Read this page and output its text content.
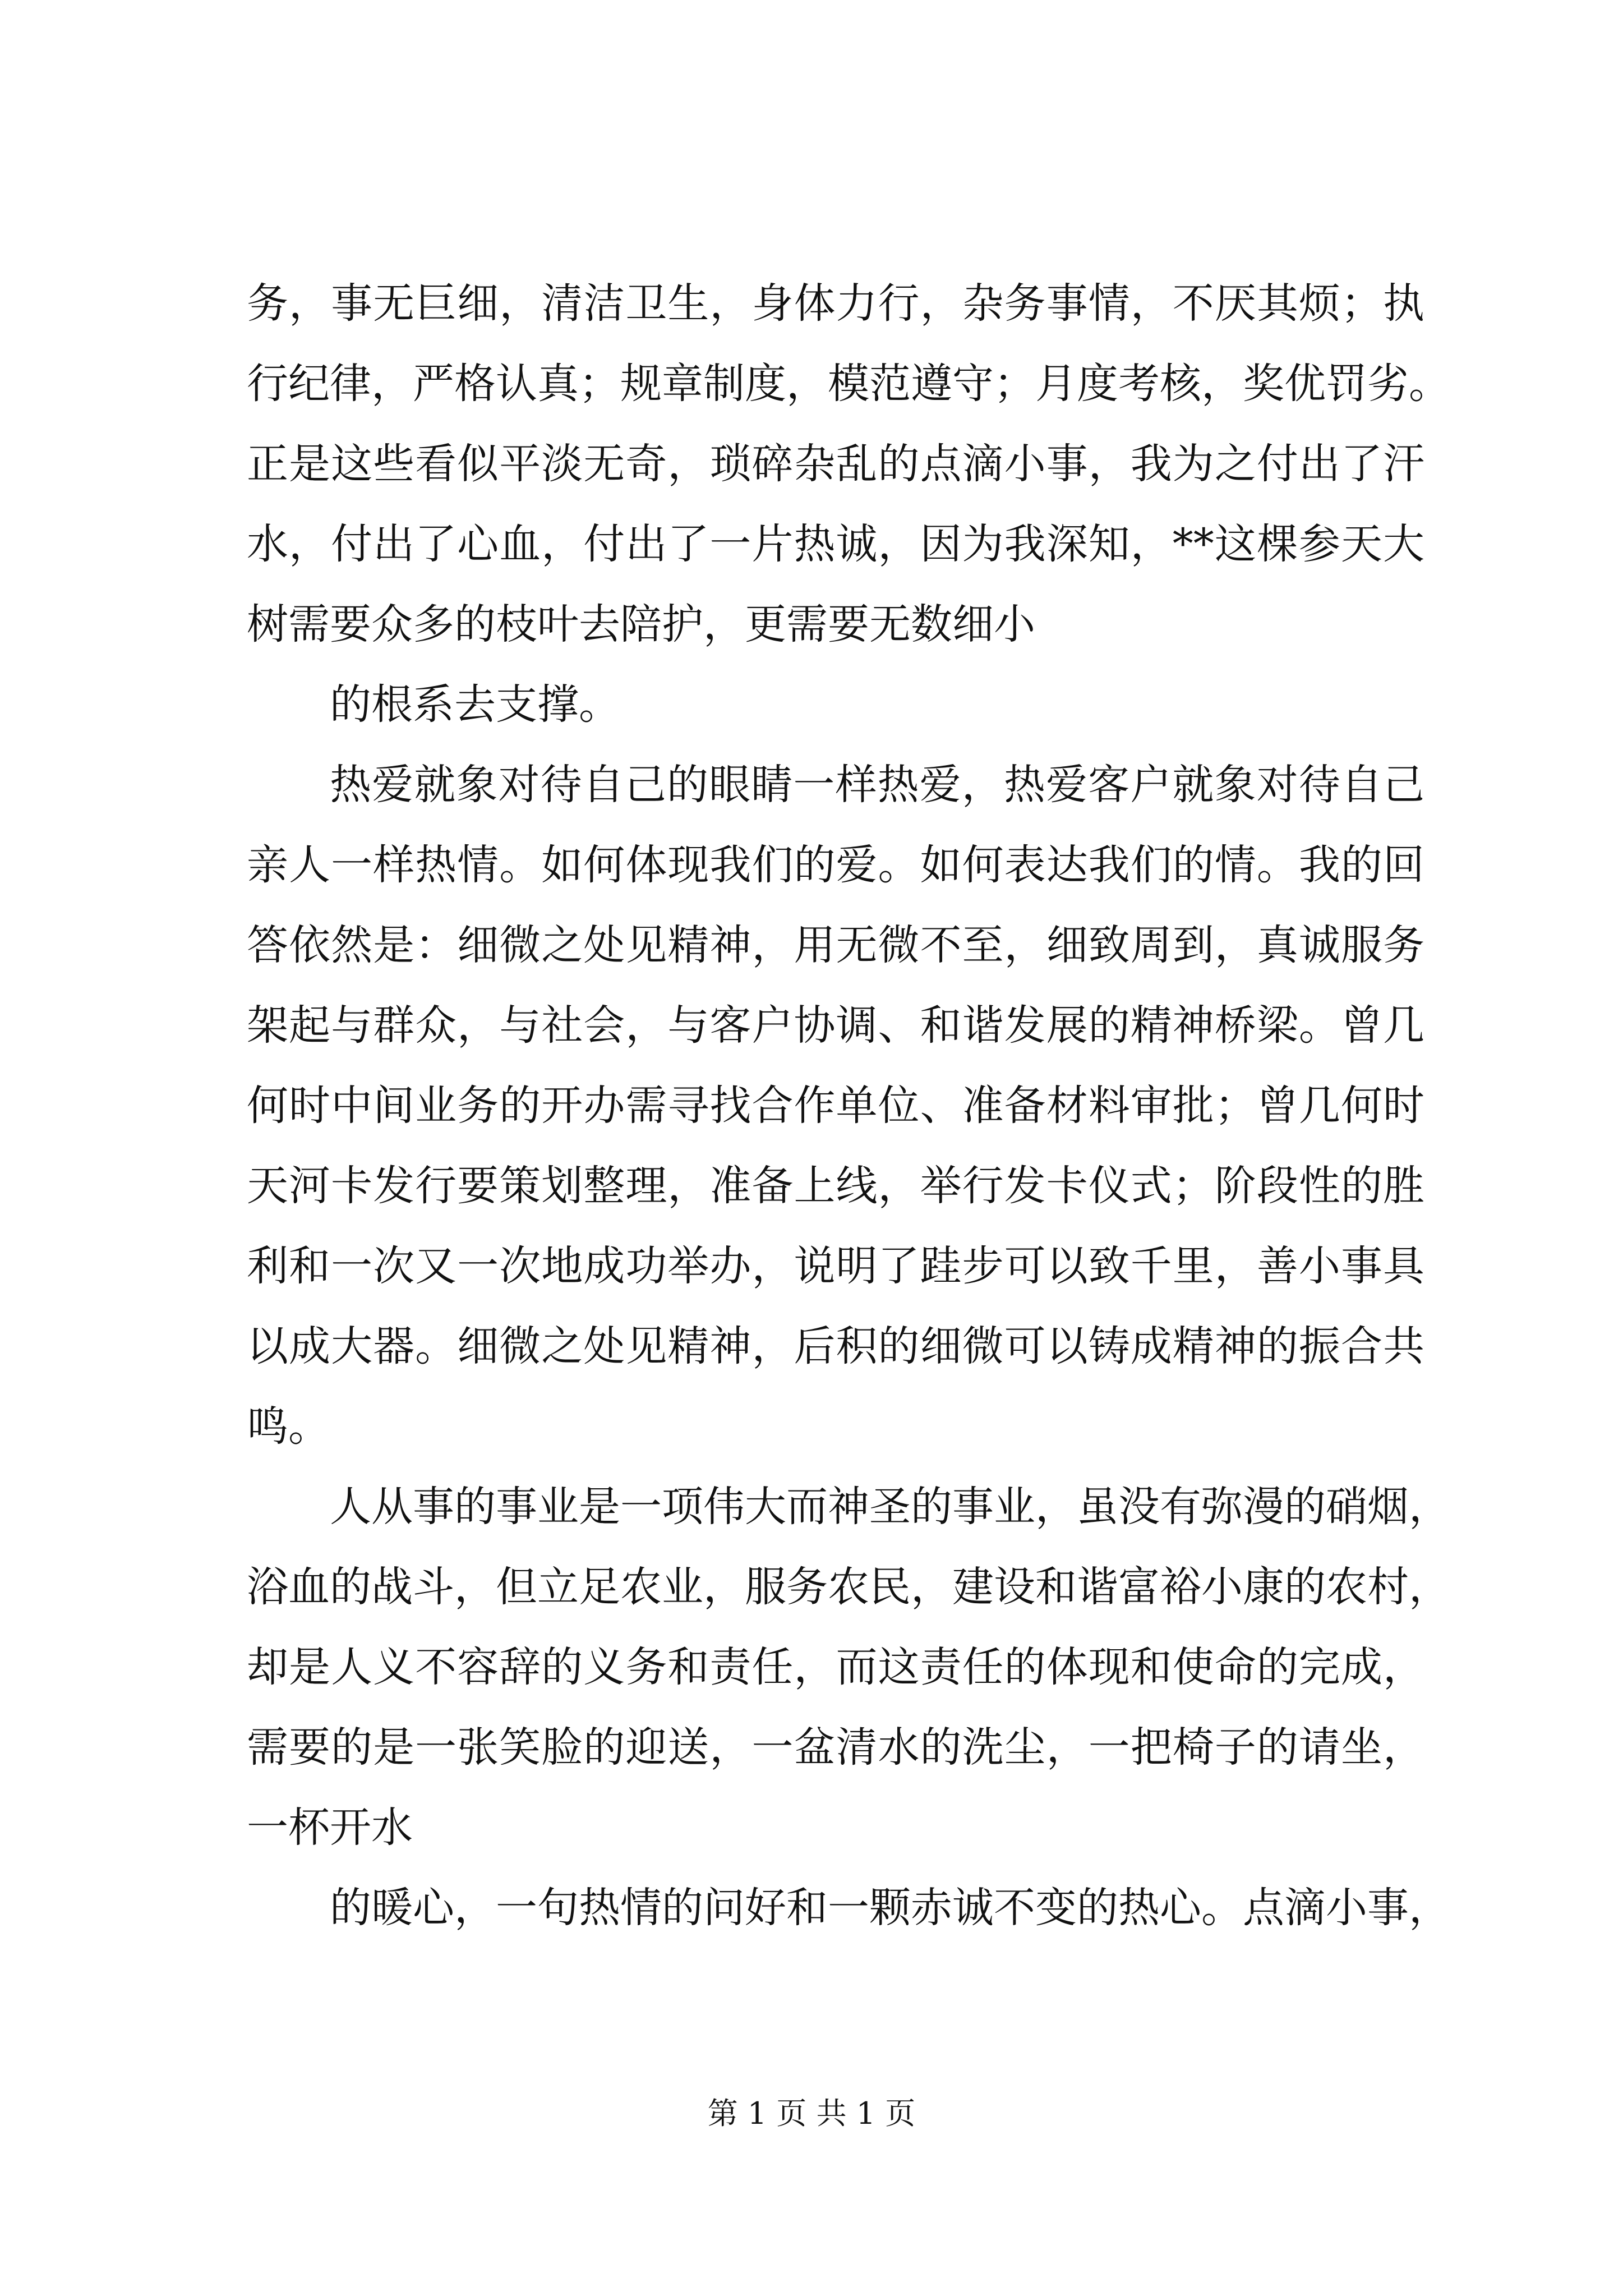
务，事无巨细，清洁卫生，身体力行，杂务事情，不厌其烦；执
行纪律，严格认真；规章制度，模范遵守；月度考核，奖优罚劣。
正是这些看似平淡无奇，琐碎杂乱的点滴小事，我为之付出了汗
水，付出了心血，付出了一片热诚，因为我深知，**这棵参天大
树需要众多的枝叶去陪护，更需要无数细小
的根系去支撑。
热爱就象对待自己的眼睛一样热爱，热爱客户就象对待自己
亲人一样热情。如何体现我们的爱。如何表达我们的情。我的回
答依然是：细微之处见精神，用无微不至，细致周到，真诚服务
架起与群众，与社会，与客户协调、和谐发展的精神桥梁。曾几
何时中间业务的开办需寻找合作单位、准备材料审批；曾几何时
天河卡发行要策划整理，准备上线，举行发卡仪式；阶段性的胜
利和一次又一次地成功举办，说明了跬步可以致千里，善小事具
以成大器。细微之处见精神，后积的细微可以铸成精神的振合共
鸣。
人从事的事业是一项伟大而神圣的事业，虽没有弥漫的硝烟，
浴血的战斗，但立足农业，服务农民，建设和谐富裕小康的农村，
却是人义不容辞的义务和责任，而这责任的体现和使命的完成，
需要的是一张笑脸的迎送，一盆清水的洗尘，一把椅子的请坐，
一杯开水
的暖心，一句热情的问好和一颗赤诚不变的热心。点滴小事，
第 1 页 共 1 页
